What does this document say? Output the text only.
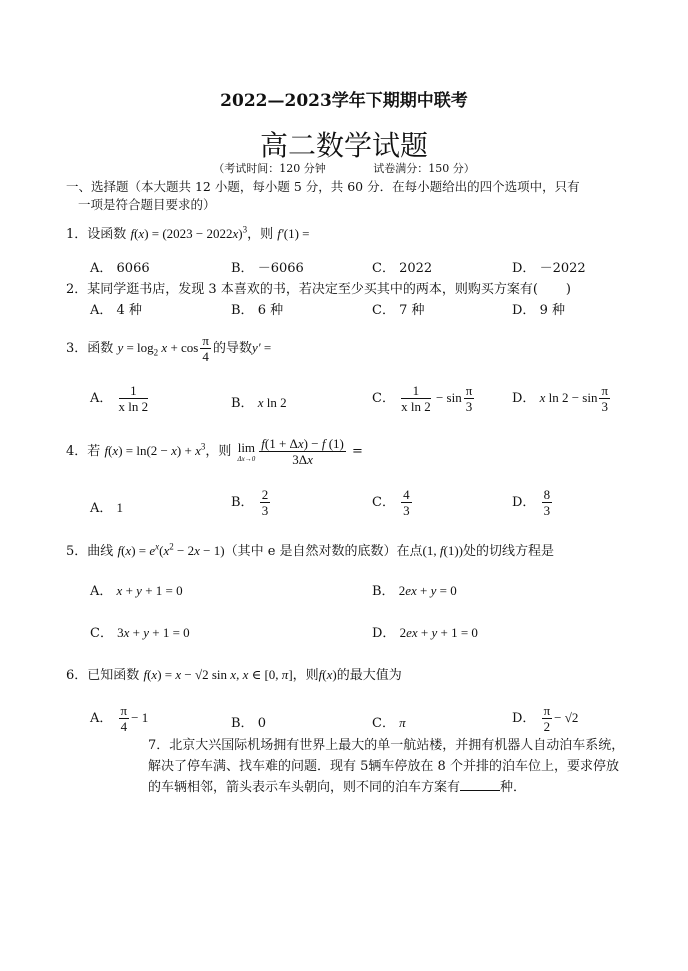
2022—2023学年下期期中联考
高二数学试题
（考试时间：120 分钟	试卷满分：150 分）
一、选择题（本大题共 12 小题，每小题 5 分，共 60 分．在每小题给出的四个选项中，只有
一项是符合题目要求的）
1．设函数 $f(x) = (2023 - 2022x)^3$，则 f′(1) =
A． 6066	B． －6066	C． 2022	D． －2022
2．某同学逛书店，发现 3 本喜欢的书，若决定至少买其中的两本，则购买方案有( )
A． 4 种	B． 6 种	C． 7 种	D． 9 种
3．函数 $y = \log_2 x + \cos \frac{\pi}{4}$ 的导数y′ =
A． $\frac{1}{\text{x ln 2}}$	B． x ln 2	C． $\frac{1}{\text{x ln 2}} - \sin \frac{\pi}{3}$	D． x $\ln 2 - \sin \frac{\pi}{3}$
4．若 $f(x) = \ln(2 - x) + x^3$，则 lim
$\Delta x\to 0 \frac{f(1 + \Delta x) - f (1)}{3\Delta x}$ =
A． 1	B． $\frac{2}{3}$	C． $\frac{4}{3}$	D． $\frac{8}{3}$
5．曲线 $f(x) = e^x(x^2 - 2x - 1)$（其中 e 是自然对数的底数）在点(1, f(1))处的切线方程是
A． x + y + 1 = 0	B． 2ex + y = 0
C． 3x + y + 1 = 0	D． 2ex + y + 1 = 0
6．已知函数 f(x) = x − √2 sin x, x ∈ [0, π]，则f(x)的最大值为
A． $\frac{\pi}{4} - 1$	B． 0	C． π	D． $\frac{\pi}{2} - √2$
7．北京大兴国际机场拥有世界上最大的单一航站楼，并拥有机器人自动泊车系统，解决了停车满、找车难的问题．现有 5辆车停放在 8 个并排的泊车位上，要求停放的车辆相邻，箭头表示车头朝向，则不同的泊车方案有	种．
